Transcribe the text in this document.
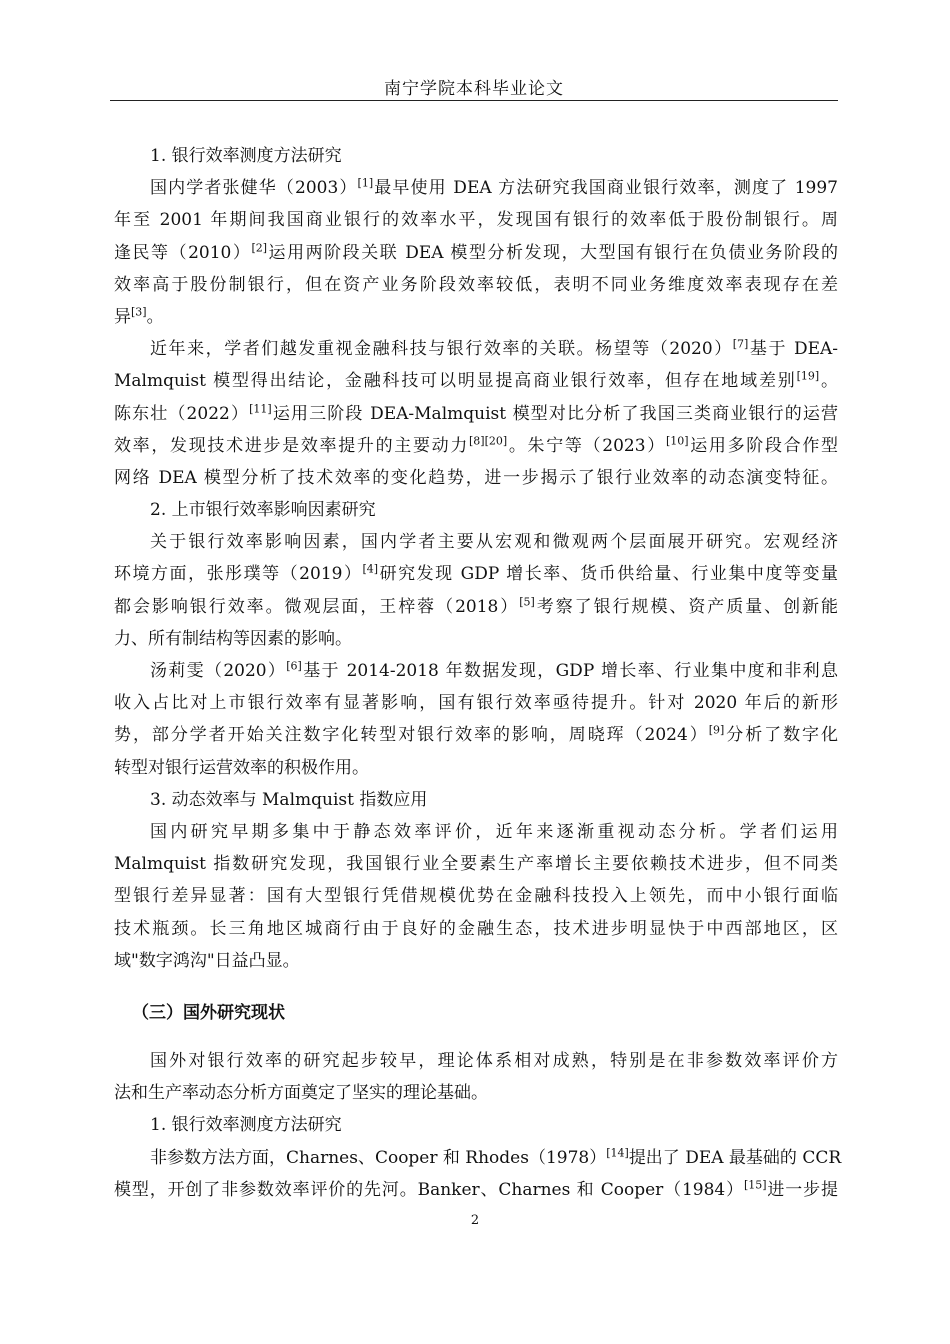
南宁学院本科毕业论文
1. 银行效率测度方法研究
国内学者张健华（2003）[1]最早使用 DEA 方法研究我国商业银行效率，测度了 1997
年至 2001 年期间我国商业银行的效率水平，发现国有银行的效率低于股份制银行。周
逢民等（2010）[2]运用两阶段关联 DEA 模型分析发现，大型国有银行在负债业务阶段的
效率高于股份制银行，但在资产业务阶段效率较低，表明不同业务维度效率表现存在差
异[3]。
近年来，学者们越发重视金融科技与银行效率的关联。杨望等（2020）[7]基于 DEA-
Malmquist 模型得出结论，金融科技可以明显提高商业银行效率，但存在地域差别[19]。
陈东壮（2022）[11]运用三阶段 DEA-Malmquist 模型对比分析了我国三类商业银行的运营
效率，发现技术进步是效率提升的主要动力[8][20]。朱宁等（2023）[10]运用多阶段合作型
网络 DEA 模型分析了技术效率的变化趋势，进一步揭示了银行业效率的动态演变特征。
2. 上市银行效率影响因素研究
关于银行效率影响因素，国内学者主要从宏观和微观两个层面展开研究。宏观经济
环境方面，张彤璞等（2019）[4]研究发现 GDP 增长率、货币供给量、行业集中度等变量
都会影响银行效率。微观层面，王梓蓉（2018）[5]考察了银行规模、资产质量、创新能
力、所有制结构等因素的影响。
汤莉雯（2020）[6]基于 2014-2018 年数据发现，GDP 增长率、行业集中度和非利息
收入占比对上市银行效率有显著影响，国有银行效率亟待提升。针对 2020 年后的新形
势，部分学者开始关注数字化转型对银行效率的影响，周晓珲（2024）[9]分析了数字化
转型对银行运营效率的积极作用。
3. 动态效率与 Malmquist 指数应用
国内研究早期多集中于静态效率评价，近年来逐渐重视动态分析。学者们运用
Malmquist 指数研究发现，我国银行业全要素生产率增长主要依赖技术进步，但不同类
型银行差异显著：国有大型银行凭借规模优势在金融科技投入上领先，而中小银行面临
技术瓶颈。长三角地区城商行由于良好的金融生态，技术进步明显快于中西部地区，区
域"数字鸿沟"日益凸显。
（三）国外研究现状
国外对银行效率的研究起步较早，理论体系相对成熟，特别是在非参数效率评价方
法和生产率动态分析方面奠定了坚实的理论基础。
1. 银行效率测度方法研究
非参数方法方面，Charnes、Cooper 和 Rhodes（1978）[14]提出了 DEA 最基础的 CCR
模型，开创了非参数效率评价的先河。Banker、Charnes 和 Cooper（1984）[15]进一步提
2
